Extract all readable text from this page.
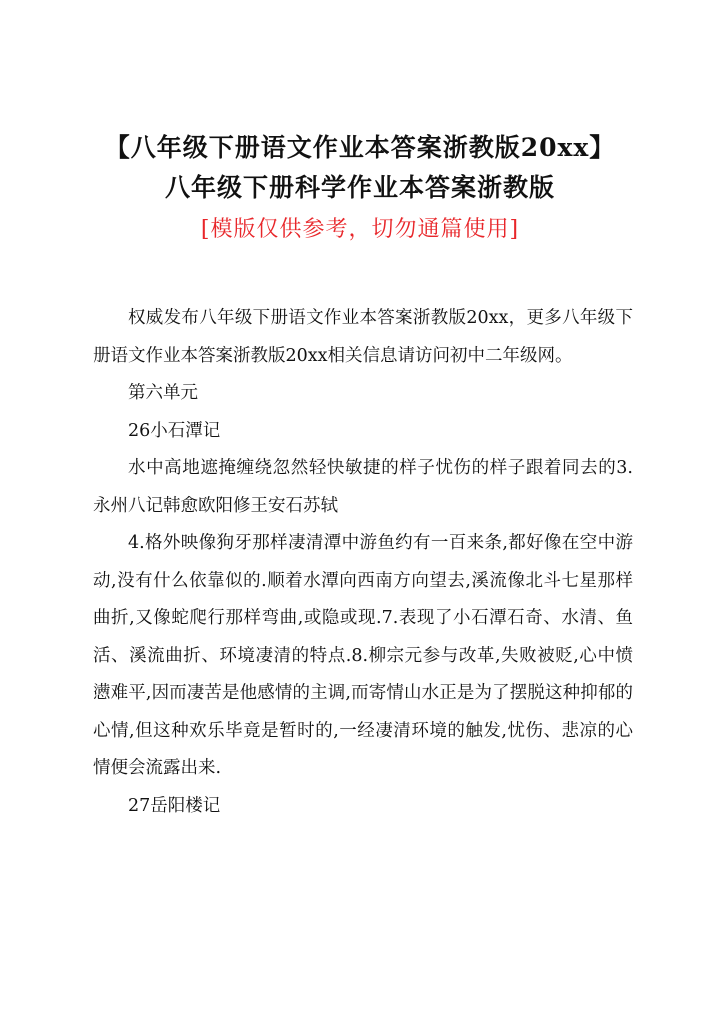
【八年级下册语文作业本答案浙教版20xx】
八年级下册科学作业本答案浙教版
[模版仅供参考，切勿通篇使用]

权威发布八年级下册语文作业本答案浙教版20xx，更多八年级下册语文作业本答案浙教版20xx相关信息请访问初中二年级网。

第六单元

26小石潭记

水中高地遮掩缠绕忽然轻快敏捷的样子忧伤的样子跟着同去的3.永州八记韩愈欧阳修王安石苏轼

4.格外映像狗牙那样凄清潭中游鱼约有一百来条,都好像在空中游动,没有什么依靠似的.顺着水潭向西南方向望去,溪流像北斗七星那样曲折,又像蛇爬行那样弯曲,或隐或现.7.表现了小石潭石奇、水清、鱼活、溪流曲折、环境凄清的特点.8.柳宗元参与改革,失败被贬,心中愤懑难平,因而凄苦是他感情的主调,而寄情山水正是为了摆脱这种抑郁的心情,但这种欢乐毕竟是暂时的,一经凄清环境的触发,忧伤、悲凉的心情便会流露出来.

27岳阳楼记
